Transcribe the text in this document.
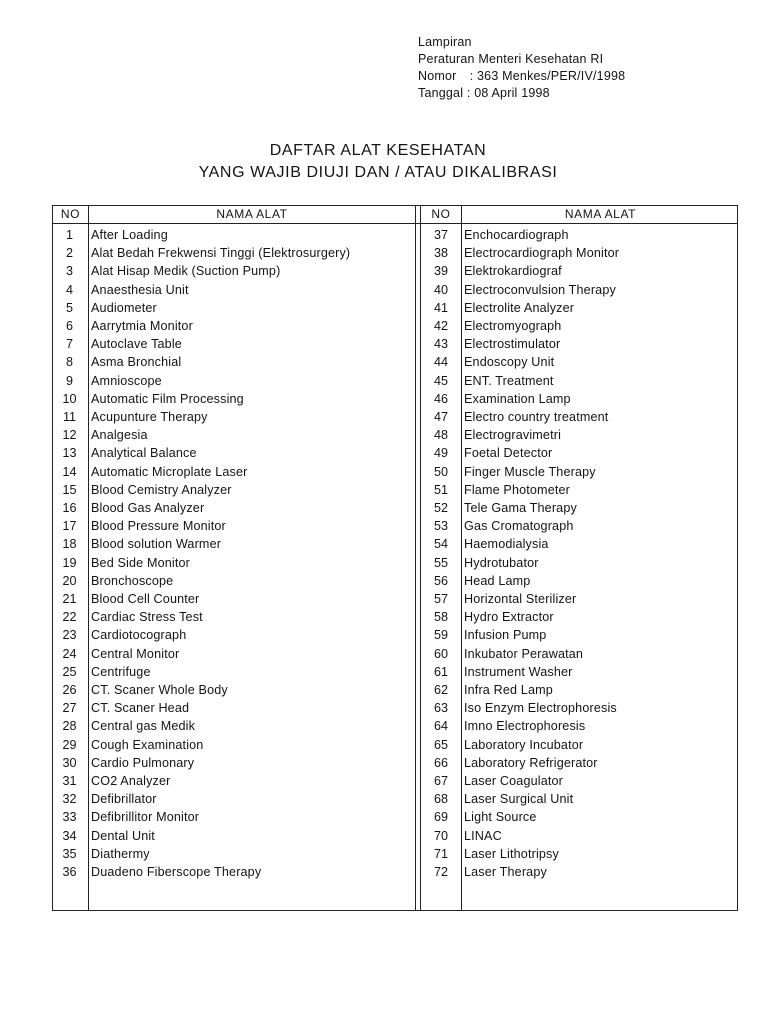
Lampiran
Peraturan Menteri Kesehatan RI
Nomor : 363 Menkes/PER/IV/1998
Tanggal : 08 April 1998
DAFTAR ALAT KESEHATAN
YANG WAJIB DIUJI DAN / ATAU DIKALIBRASI
NO	NAMA ALAT	NO	NAMA ALAT
1	After Loading	37	Enchocardiograph
2	Alat Bedah Frekwensi Tinggi (Elektrosurgery)	38	Electrocardiograph Monitor
3	Alat Hisap Medik (Suction Pump)	39	Elektrokardiograf
4	Anaesthesia Unit	40	Electroconvulsion Therapy
5	Audiometer	41	Electrolite Analyzer
6	Aarrytmia Monitor	42	Electromyograph
7	Autoclave Table	43	Electrostimulator
8	Asma Bronchial	44	Endoscopy Unit
9	Amnioscope	45	ENT. Treatment
10	Automatic Film Processing	46	Examination Lamp
11	Acupunture Therapy	47	Electro country treatment
12	Analgesia	48	Electrogravimetri
13	Analytical Balance	49	Foetal Detector
14	Automatic Microplate Laser	50	Finger Muscle Therapy
15	Blood Cemistry Analyzer	51	Flame Photometer
16	Blood Gas Analyzer	52	Tele Gama Therapy
17	Blood Pressure Monitor	53	Gas Cromatograph
18	Blood solution Warmer	54	Haemodialysia
19	Bed Side Monitor	55	Hydrotubator
20	Bronchoscope	56	Head Lamp
21	Blood Cell Counter	57	Horizontal Sterilizer
22	Cardiac Stress Test	58	Hydro Extractor
23	Cardiotocograph	59	Infusion Pump
24	Central Monitor	60	Inkubator Perawatan
25	Centrifuge	61	Instrument Washer
26	CT. Scaner Whole Body	62	Infra Red Lamp
27	CT. Scaner Head	63	Iso Enzym Electrophoresis
28	Central gas Medik	64	Imno Electrophoresis
29	Cough Examination	65	Laboratory Incubator
30	Cardio Pulmonary	66	Laboratory Refrigerator
31	CO2 Analyzer	67	Laser Coagulator
32	Defibrillator	68	Laser Surgical Unit
33	Defibrillitor Monitor	69	Light Source
34	Dental Unit	70	LINAC
35	Diathermy	71	Laser Lithotripsy
36	Duadeno Fiberscope Therapy	72	Laser Therapy
